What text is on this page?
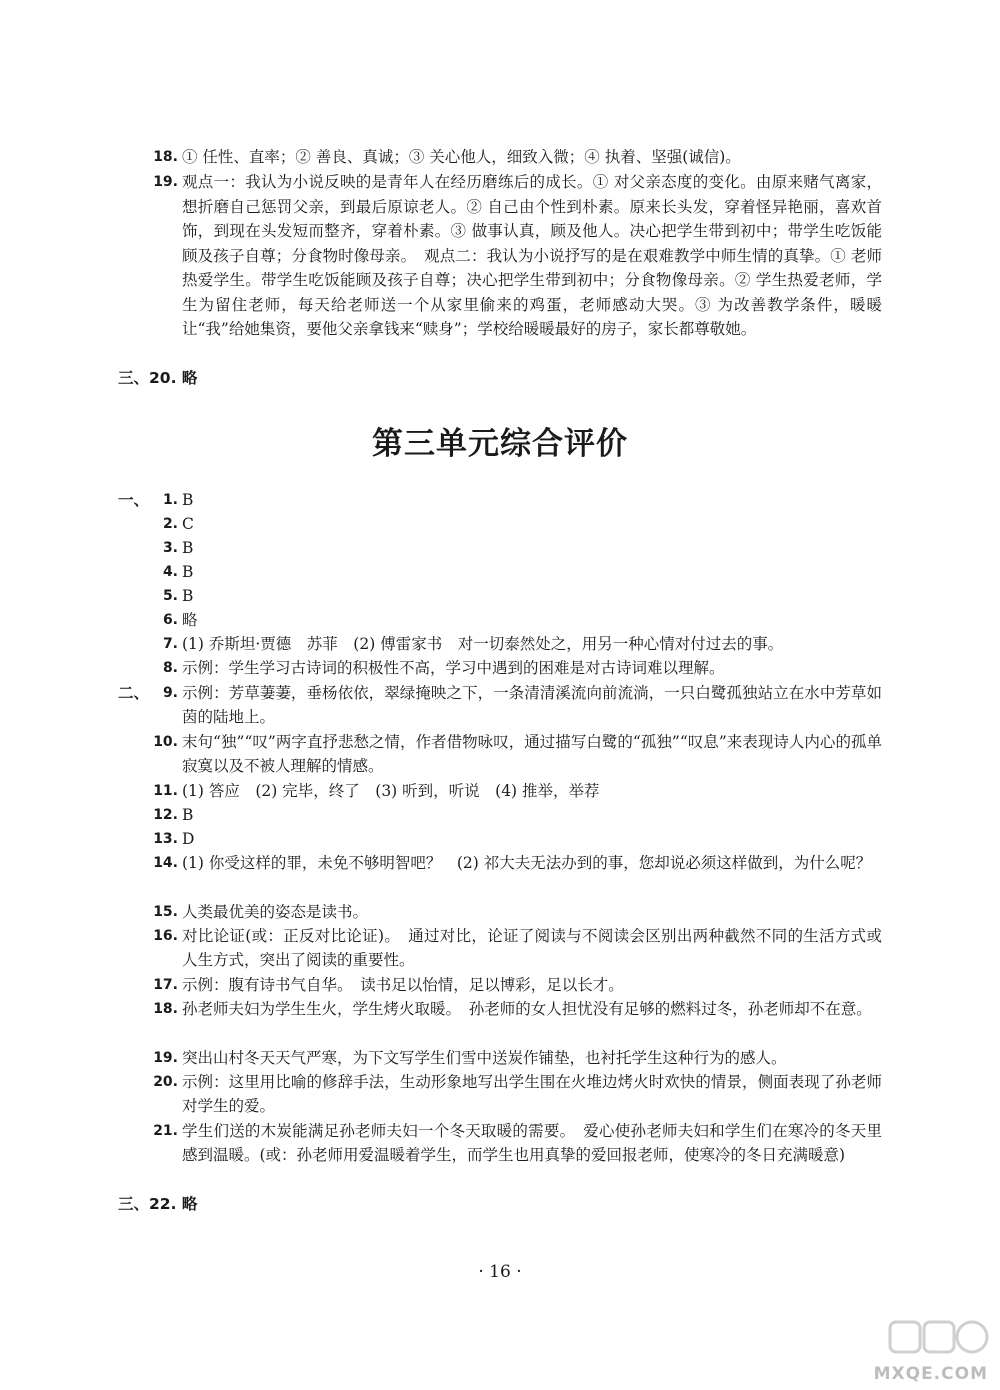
18. ① 任性、直率；② 善良、真诚；③ 关心他人，细致入微；④ 执着、坚强(诚信)。
19. 观点一：我认为小说反映的是青年人在经历磨练后的成长。① 对父亲态度的变化。由原来赌气离家，想折磨自己惩罚父亲，到最后原谅老人。② 自己由个性到朴素。原来长头发，穿着怪异艳丽，喜欢首饰，到现在头发短而整齐，穿着朴素。③ 做事认真，顾及他人。决心把学生带到初中；带学生吃饭能顾及孩子自尊；分食物时像母亲。　观点二：我认为小说抒写的是在艰难教学中师生情的真挚。① 老师热爱学生。带学生吃饭能顾及孩子自尊；决心把学生带到初中；分食物像母亲。② 学生热爱老师，学生为留住老师，每天给老师送一个从家里偷来的鸡蛋，老师感动大哭。③ 为改善教学条件，暖暖让“我”给她集资，要他父亲拿钱来“赎身”；学校给暖暖最好的房子，家长都尊敬她。
三、20. 略
第三单元综合评价
一、
二、
1. B
2. C
3. B
4. B
5. B
6. 略
7. (1) 乔斯坦·贾德　苏菲　(2) 傅雷家书　对一切泰然处之，用另一种心情对付过去的事。
8. 示例：学生学习古诗词的积极性不高，学习中遇到的困难是对古诗词难以理解。
9. 示例：芳草萋萋，垂杨依依，翠绿掩映之下，一条清清溪流向前流淌，一只白鹭孤独站立在水中芳草如茵的陆地上。
10. 末句“独”“叹”两字直抒悲愁之情，作者借物咏叹，通过描写白鹭的“孤独”“叹息”来表现诗人内心的孤单寂寞以及不被人理解的情感。
11. (1) 答应　(2) 完毕，终了　(3) 听到，听说　(4) 推举，举荐
12. B
13. D
14. (1) 你受这样的罪，未免不够明智吧？　(2) 祁大夫无法办到的事，您却说必须这样做到，为什么呢？
15. 人类最优美的姿态是读书。
16. 对比论证(或：正反对比论证)。　通过对比，论证了阅读与不阅读会区别出两种截然不同的生活方式或人生方式，突出了阅读的重要性。
17. 示例：腹有诗书气自华。　读书足以怡情，足以博彩，足以长才。
18. 孙老师夫妇为学生生火，学生烤火取暖。　孙老师的女人担忧没有足够的燃料过冬，孙老师却不在意。
19. 突出山村冬天天气严寒，为下文写学生们雪中送炭作铺垫，也衬托学生这种行为的感人。
20. 示例：这里用比喻的修辞手法，生动形象地写出学生围在火堆边烤火时欢快的情景，侧面表现了孙老师对学生的爱。
21. 学生们送的木炭能满足孙老师夫妇一个冬天取暖的需要。　爱心使孙老师夫妇和学生们在寒冷的冬天里感到温暖。(或：孙老师用爱温暖着学生，而学生也用真挚的爱回报老师，使寒冷的冬日充满暖意)
三、22. 略
· 16 ·
MXQE.COM
